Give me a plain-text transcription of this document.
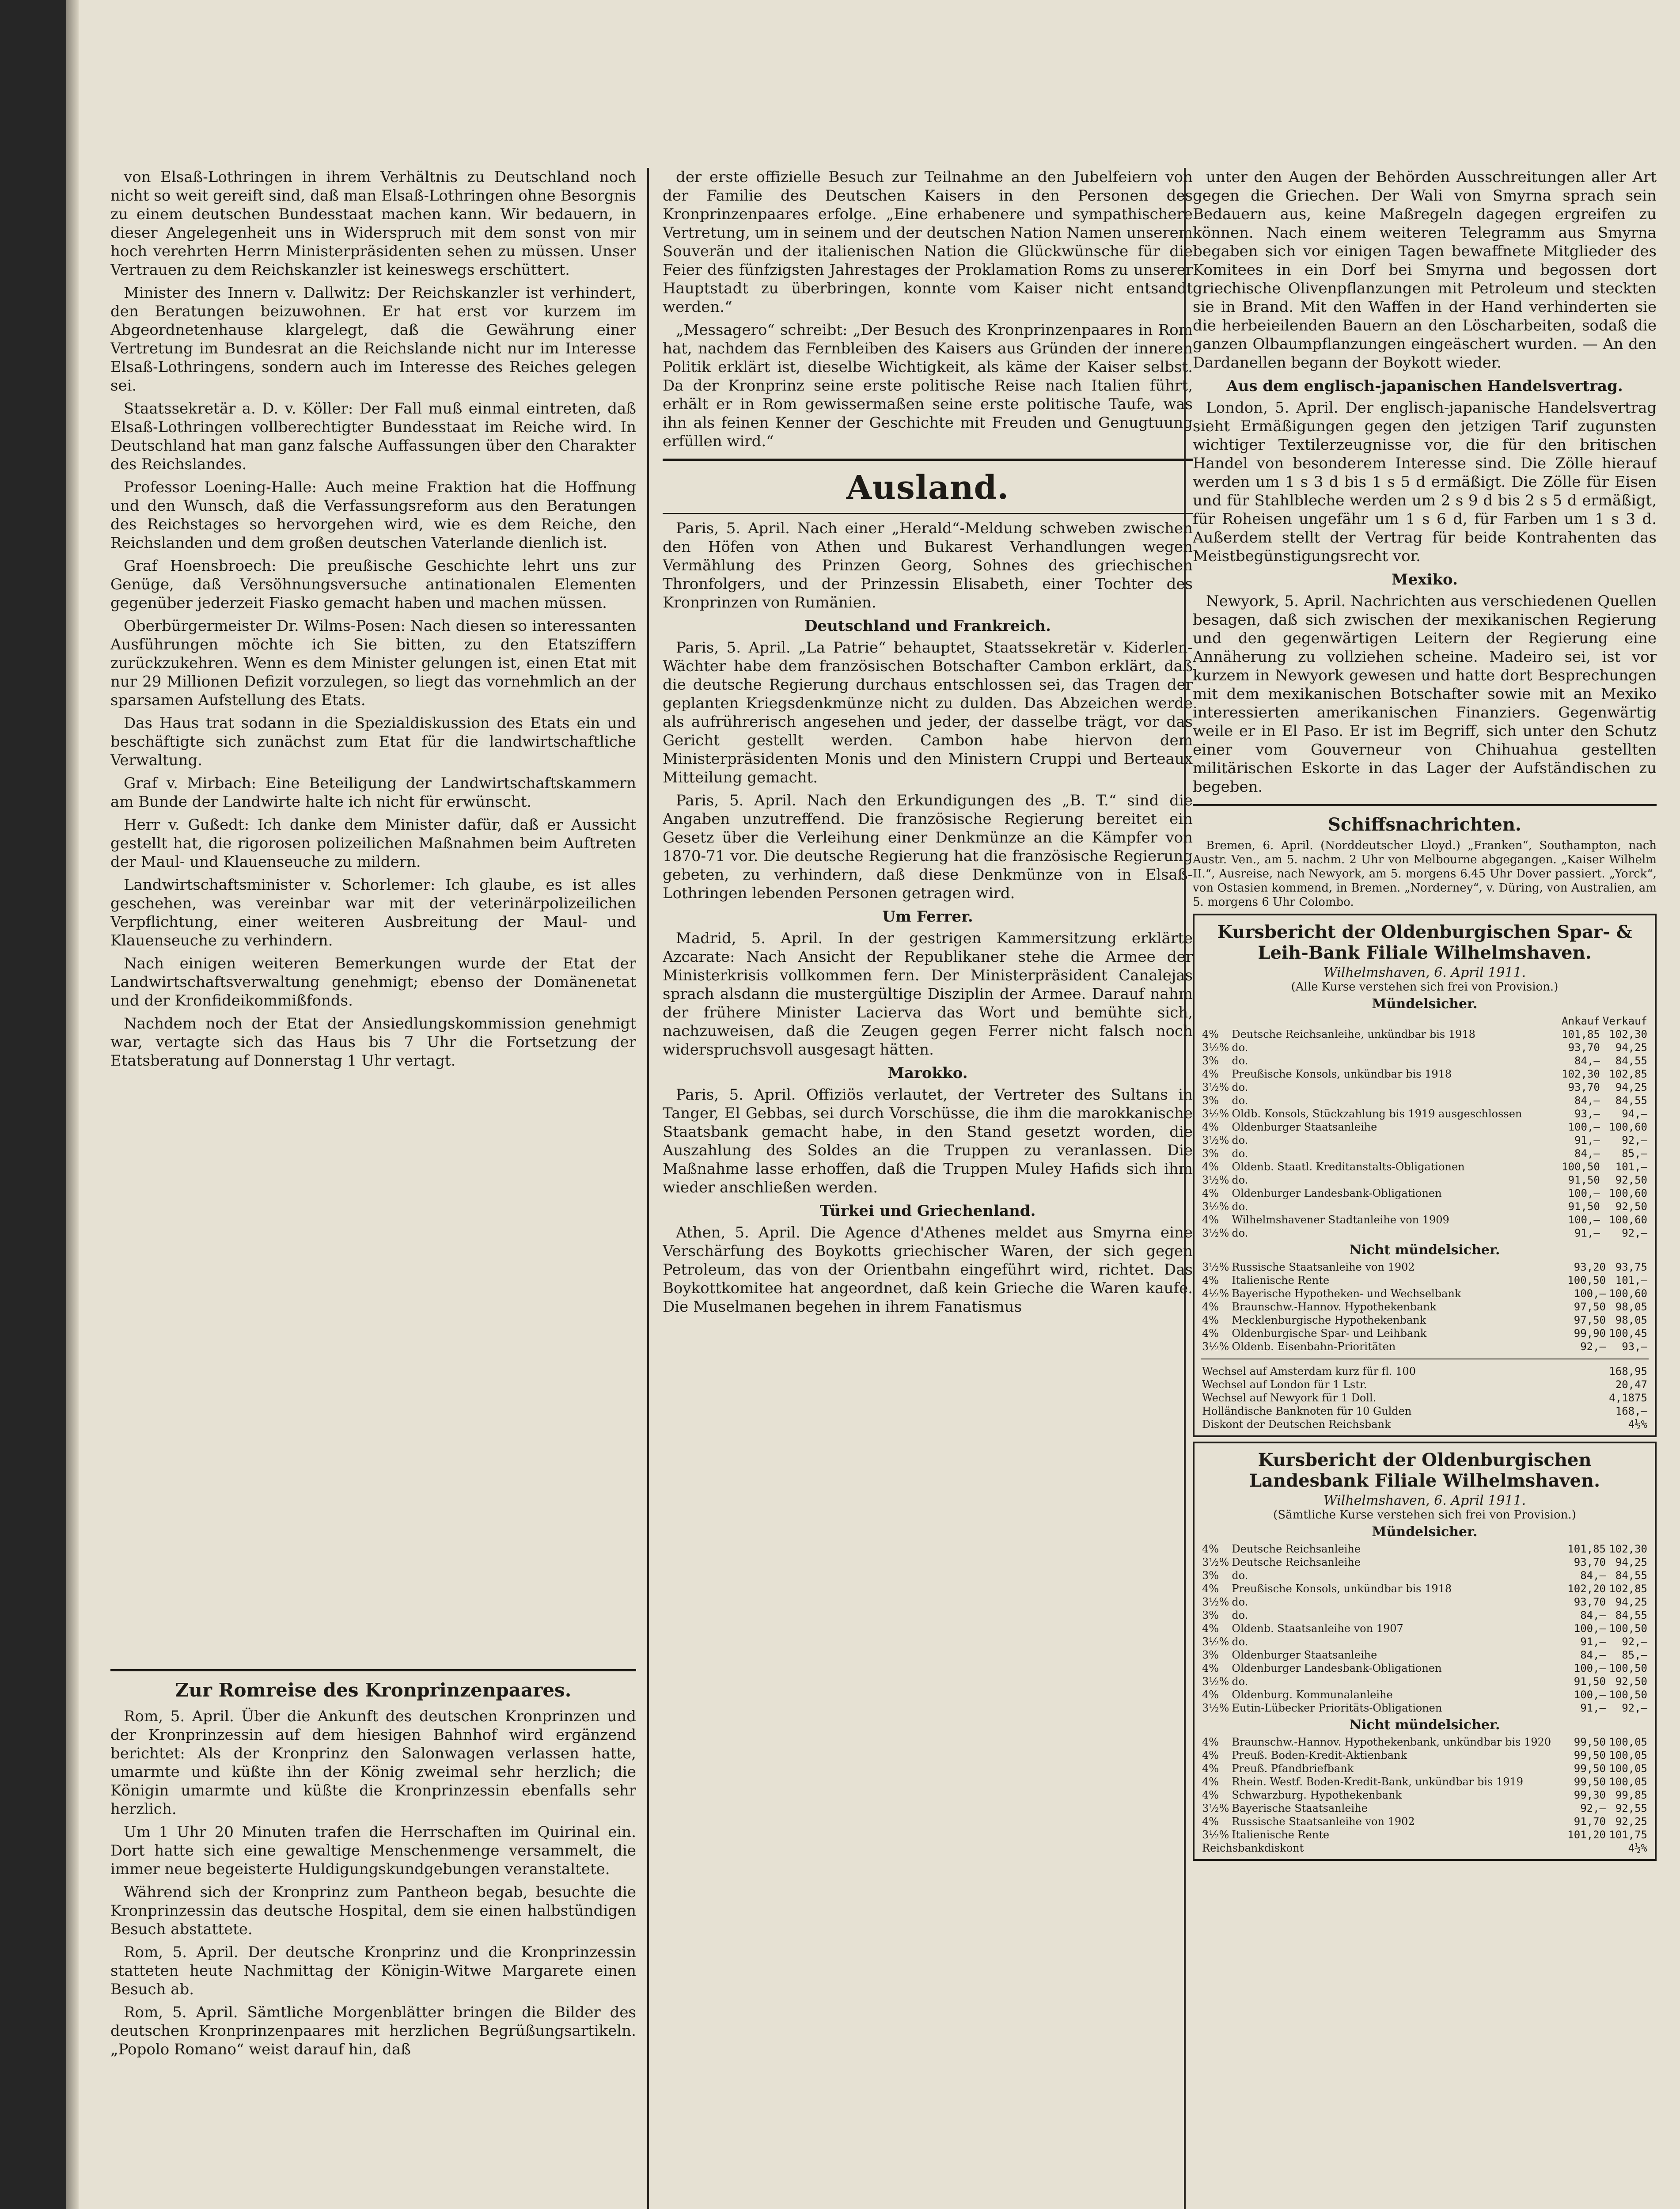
von Elsaß-Lothringen in ihrem Verhältnis zu Deutschland noch nicht so weit gereift sind, daß man Elsaß-Lothringen ohne Besorgnis zu einem deutschen Bundesstaat machen kann. Wir bedauern, in dieser Angelegenheit uns in Widerspruch mit dem sonst von mir hoch verehrten Herrn Ministerpräsidenten sehen zu müssen. Unser Vertrauen zu dem Reichskanzler ist keineswegs erschüttert.

Minister des Innern v. Dallwitz: Der Reichskanzler ist verhindert, den Beratungen beizuwohnen. Er hat erst vor kurzem im Abgeordnetenhause klargelegt, daß die Gewährung einer Vertretung im Bundesrat an die Reichslande nicht nur im Interesse Elsaß-Lothringens, sondern auch im Interesse des Reiches gelegen sei.

Staatssekretär a. D. v. Köller: Der Fall muß einmal eintreten, daß Elsaß-Lothringen vollberechtigter Bundesstaat im Reiche wird. In Deutschland hat man ganz falsche Auffassungen über den Charakter des Reichslandes.

Professor Loening-Halle: Auch meine Fraktion hat die Hoffnung und den Wunsch, daß die Verfassungsreform aus den Beratungen des Reichstages so hervorgehen wird, wie es dem Reiche, den Reichslanden und dem großen deutschen Vaterlande dienlich ist.

Graf Hoensbroech: Die preußische Geschichte lehrt uns zur Genüge, daß Versöhnungsversuche antinationalen Elementen gegenüber jederzeit Fiasko gemacht haben und machen müssen.

Oberbürgermeister Dr. Wilms-Posen: Nach diesen so interessanten Ausführungen möchte ich Sie bitten, zu den Etatsziffern zurückzukehren. Wenn es dem Minister gelungen ist, einen Etat mit nur 29 Millionen Defizit vorzulegen, so liegt das vornehmlich an der sparsamen Aufstellung des Etats.

Das Haus trat sodann in die Spezialdiskussion des Etats ein und beschäftigte sich zunächst zum Etat für die landwirtschaftliche Verwaltung.

Graf v. Mirbach: Eine Beteiligung der Landwirtschaftskammern am Bunde der Landwirte halte ich nicht für erwünscht.

Herr v. Gußedt: Ich danke dem Minister dafür, daß er Aussicht gestellt hat, die rigorosen polizeilichen Maßnahmen beim Auftreten der Maul- und Klauenseuche zu mildern.

Landwirtschaftsminister v. Schorlemer: Ich glaube, es ist alles geschehen, was vereinbar war mit der veterinärpolizeilichen Verpflichtung, einer weiteren Ausbreitung der Maul- und Klauenseuche zu verhindern.

Nach einigen weiteren Bemerkungen wurde der Etat der Landwirtschaftsverwaltung genehmigt; ebenso der Domänenetat und der Kronfideikommißfonds.

Nachdem noch der Etat der Ansiedlungskommission genehmigt war, vertagte sich das Haus bis 7 Uhr die Fortsetzung der Etatsberatung auf Donnerstag 1 Uhr vertagt.

Zur Romreise des Kronprinzenpaares.

Rom, 5. April. Über die Ankunft des deutschen Kronprinzen und der Kronprinzessin auf dem hiesigen Bahnhof wird ergänzend berichtet: Als der Kronprinz den Salonwagen verlassen hatte, umarmte und küßte ihn der König zweimal sehr herzlich; die Königin umarmte und küßte die Kronprinzessin ebenfalls sehr herzlich.

Um 1 Uhr 20 Minuten trafen die Herrschaften im Quirinal ein. Dort hatte sich eine gewaltige Menschenmenge versammelt, die immer neue begeisterte Huldigungskundgebungen veranstaltete.

Während sich der Kronprinz zum Pantheon begab, besuchte die Kronprinzessin das deutsche Hospital, dem sie einen halbstündigen Besuch abstattete.

Rom, 5. April. Der deutsche Kronprinz und die Kronprinzessin statteten heute Nachmittag der Königin-Witwe Margarete einen Besuch ab.

Rom, 5. April. Sämtliche Morgenblätter bringen die Bilder des deutschen Kronprinzenpaares mit herzlichen Begrüßungsartikeln. „Popolo Romano“ weist darauf hin, daß

der erste offizielle Besuch zur Teilnahme an den Jubelfeiern von der Familie des Deutschen Kaisers in den Personen des Kronprinzenpaares erfolge. „Eine erhabenere und sympathischere Vertretung, um in seinem und der deutschen Nation Namen unserem Souverän und der italienischen Nation die Glückwünsche für die Feier des fünfzigsten Jahrestages der Proklamation Roms zu unserer Hauptstadt zu überbringen, konnte vom Kaiser nicht entsandt werden.“

„Messagero“ schreibt: „Der Besuch des Kronprinzenpaares in Rom hat, nachdem das Fernbleiben des Kaisers aus Gründen der inneren Politik erklärt ist, dieselbe Wichtigkeit, als käme der Kaiser selbst. Da der Kronprinz seine erste politische Reise nach Italien führt, erhält er in Rom gewissermaßen seine erste politische Taufe, was ihn als feinen Kenner der Geschichte mit Freuden und Genugtuung erfüllen wird.“

Ausland.

Paris, 5. April. Nach einer „Herald“-Meldung schweben zwischen den Höfen von Athen und Bukarest Verhandlungen wegen Vermählung des Prinzen Georg, Sohnes des griechischen Thronfolgers, und der Prinzessin Elisabeth, einer Tochter des Kronprinzen von Rumänien.

Deutschland und Frankreich.

Paris, 5. April. „La Patrie“ behauptet, Staatssekretär v. Kiderlen-Wächter habe dem französischen Botschafter Cambon erklärt, daß die deutsche Regierung durchaus entschlossen sei, das Tragen der geplanten Kriegsdenkmünze nicht zu dulden. Das Abzeichen werde als aufrührerisch angesehen und jeder, der dasselbe trägt, vor das Gericht gestellt werden. Cambon habe hiervon dem Ministerpräsidenten Monis und den Ministern Cruppi und Berteaux Mitteilung gemacht.

Paris, 5. April. Nach den Erkundigungen des „B. T.“ sind die Angaben unzutreffend. Die französische Regierung bereitet ein Gesetz über die Verleihung einer Denkmünze an die Kämpfer von 1870-71 vor. Die deutsche Regierung hat die französische Regierung gebeten, zu verhindern, daß diese Denkmünze von in Elsaß-Lothringen lebenden Personen getragen wird.

Um Ferrer.

Madrid, 5. April. In der gestrigen Kammersitzung erklärte Azcarate: Nach Ansicht der Republikaner stehe die Armee der Ministerkrisis vollkommen fern. Der Ministerpräsident Canalejas sprach alsdann die mustergültige Disziplin der Armee. Darauf nahm der frühere Minister Lacierva das Wort und bemühte sich, nachzuweisen, daß die Zeugen gegen Ferrer nicht falsch noch widerspruchsvoll ausgesagt hätten.

Marokko.

Paris, 5. April. Offiziös verlautet, der Vertreter des Sultans in Tanger, El Gebbas, sei durch Vorschüsse, die ihm die marokkanische Staatsbank gemacht habe, in den Stand gesetzt worden, die Auszahlung des Soldes an die Truppen zu veranlassen. Die Maßnahme lasse erhoffen, daß die Truppen Muley Hafids sich ihm wieder anschließen werden.

Türkei und Griechenland.

Athen, 5. April. Die Agence d'Athenes meldet aus Smyrna eine Verschärfung des Boykotts griechischer Waren, der sich gegen Petroleum, das von der Orientbahn eingeführt wird, richtet. Das Boykottkomitee hat angeordnet, daß kein Grieche die Waren kaufe. Die Muselmanen begehen in ihrem Fanatismus

unter den Augen der Behörden Ausschreitungen aller Art gegen die Griechen. Der Wali von Smyrna sprach sein Bedauern aus, keine Maßregeln dagegen ergreifen zu können. Nach einem weiteren Telegramm aus Smyrna begaben sich vor einigen Tagen bewaffnete Mitglieder des Komitees in ein Dorf bei Smyrna und begossen dort griechische Olivenpflanzungen mit Petroleum und steckten sie in Brand. Mit den Waffen in der Hand verhinderten sie die herbeieilenden Bauern an den Löscharbeiten, sodaß die ganzen Olbaumpflanzungen eingeäschert wurden. — An den Dardanellen begann der Boykott wieder.

Aus dem englisch-japanischen Handelsvertrag.

London, 5. April. Der englisch-japanische Handelsvertrag sieht Ermäßigungen gegen den jetzigen Tarif zugunsten wichtiger Textilerzeugnisse vor, die für den britischen Handel von besonderem Interesse sind. Die Zölle hierauf werden um 1 s 3 d bis 1 s 5 d ermäßigt. Die Zölle für Eisen und für Stahlbleche werden um 2 s 9 d bis 2 s 5 d ermäßigt, für Roheisen ungefähr um 1 s 6 d, für Farben um 1 s 3 d. Außerdem stellt der Vertrag für beide Kontrahenten das Meistbegünstigungsrecht vor.

Mexiko.

Newyork, 5. April. Nachrichten aus verschiedenen Quellen besagen, daß sich zwischen der mexikanischen Regierung und den gegenwärtigen Leitern der Regierung eine Annäherung zu vollziehen scheine. Madeiro sei, ist vor kurzem in Newyork gewesen und hatte dort Besprechungen mit dem mexikanischen Botschafter sowie mit an Mexiko interessierten amerikanischen Finanziers. Gegenwärtig weile er in El Paso. Er ist im Begriff, sich unter den Schutz einer vom Gouverneur von Chihuahua gestellten militärischen Eskorte in das Lager der Aufständischen zu begeben.

Schiffsnachrichten.

Bremen, 6. April. (Norddeutscher Lloyd.) „Franken“, Southampton, nach Austr. Ven., am 5. nachm. 2 Uhr von Melbourne abgegangen. „Kaiser Wilhelm II.“, Ausreise, nach Newyork, am 5. morgens 6.45 Uhr Dover passiert. „Yorck“, von Ostasien kommend, in Bremen. „Norderney“, v. Düring, von Australien, am 5. morgens 6 Uhr Colombo.

Kursbericht der Oldenburgischen Spar- & Leih-Bank Filiale Wilhelmshaven.
Wilhelmshaven, 6. April 1911.
(Alle Kurse verstehen sich frei von Provision.)
Mündelsicher.
		Ankauf	Verkauf
4%	Deutsche Reichsanleihe, unkündbar bis 1918	101,85	102,30
3½%	do.	93,70	94,25
3%	do.	84,—	84,55
4%	Preußische Konsols, unkündbar bis 1918	102,30	102,85
3½%	do.	93,70	94,25
3%	do.	84,—	84,55
3½%	Oldb. Konsols, Stückzahlung bis 1919 ausgeschlossen	93,—	94,—
4%	Oldenburger Staatsanleihe	100,—	100,60
3½%	do.	91,—	92,—
3%	do.	84,—	85,—
4%	Oldenb. Staatl. Kreditanstalts-Obligationen	100,50	101,—
3½%	do.	91,50	92,50
4%	Oldenburger Landesbank-Obligationen	100,—	100,60
3½%	do.	91,50	92,50
4%	Wilhelmshavener Stadtanleihe von 1909	100,—	100,60
3½%	do.	91,—	92,—
Nicht mündelsicher.
3½%	Russische Staatsanleihe von 1902	93,20	93,75
4%	Italienische Rente	100,50	101,—
4½%	Bayerische Hypotheken- und Wechselbank	100,—	100,60
4%	Braunschw.-Hannov. Hypothekenbank	97,50	98,05
4%	Mecklenburgische Hypothekenbank	97,50	98,05
4%	Oldenburgische Spar- und Leihbank	99,90	100,45
3½%	Oldenb. Eisenbahn-Prioritäten	92,—	93,—
Wechsel auf Amsterdam kurz für fl. 100	168,95
Wechsel auf London für 1 Lstr.	20,47
Wechsel auf Newyork für 1 Doll.	4,1875
Holländische Banknoten für 10 Gulden	168,—
Diskont der Deutschen Reichsbank	4½%
Kursbericht der Oldenburgischen Landesbank Filiale Wilhelmshaven.
Wilhelmshaven, 6. April 1911.
(Sämtliche Kurse verstehen sich frei von Provision.)
Mündelsicher.
4%	Deutsche Reichsanleihe	101,85	102,30
3½%	Deutsche Reichsanleihe	93,70	94,25
3%	do.	84,—	84,55
4%	Preußische Konsols, unkündbar bis 1918	102,20	102,85
3½%	do.	93,70	94,25
3%	do.	84,—	84,55
4%	Oldenb. Staatsanleihe von 1907	100,—	100,50
3½%	do.	91,—	92,—
3%	Oldenburger Staatsanleihe	84,—	85,—
4%	Oldenburger Landesbank-Obligationen	100,—	100,50
3½%	do.	91,50	92,50
4%	Oldenburg. Kommunalanleihe	100,—	100,50
3½%	Eutin-Lübecker Prioritäts-Obligationen	91,—	92,—
Nicht mündelsicher.
4%	Braunschw.-Hannov. Hypothekenbank, unkündbar bis 1920	99,50	100,05
4%	Preuß. Boden-Kredit-Aktienbank	99,50	100,05
4%	Preuß. Pfandbriefbank	99,50	100,05
4%	Rhein. Westf. Boden-Kredit-Bank, unkündbar bis 1919	99,50	100,05
4%	Schwarzburg. Hypothekenbank	99,30	99,85
3½%	Bayerische Staatsanleihe	92,—	92,55
4%	Russische Staatsanleihe von 1902	91,70	92,25
3½%	Italienische Rente	101,20	101,75
Reichsbankdiskont	4½%
